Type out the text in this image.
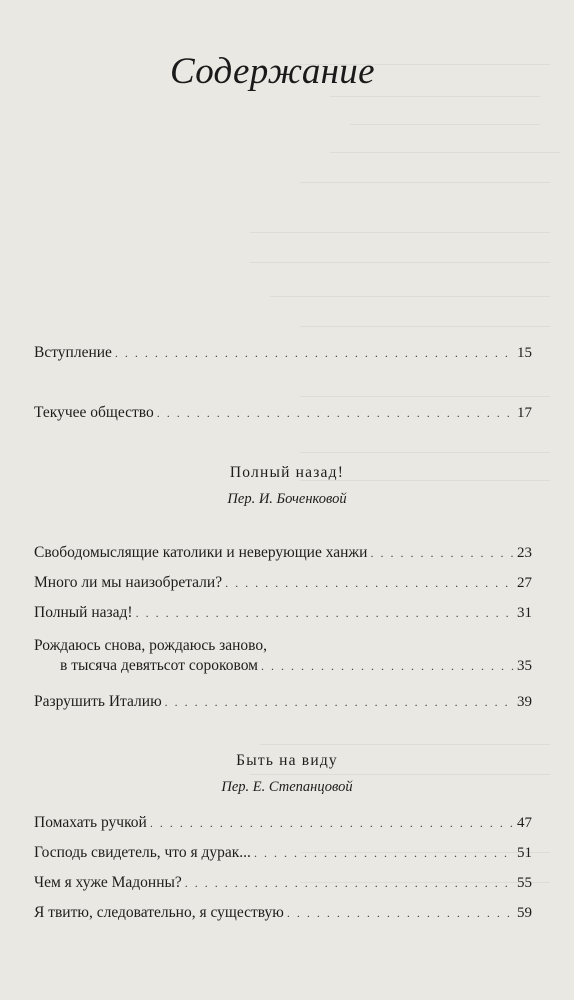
Содержание
Вступление . . .	15
Текучее общество . . .	17
Полный назад!
Пер. И. Боченковой
Свободомыслящие католики и неверующие ханжи . . .	23
Много ли мы наизобретали? . . .	27
Полный назад! . . .	31
Рождаюсь снова, рождаюсь заново,
в тысяча девятьсот сороковом . . .	35
Разрушить Италию . . .	39
Быть на виду
Пер. Е. Степанцовой
Помахать ручкой . . .	47
Господь свидетель, что я дурак... . . .	51
Чем я хуже Мадонны? . . .	55
Я твитю, следовательно, я существую . . .	59
